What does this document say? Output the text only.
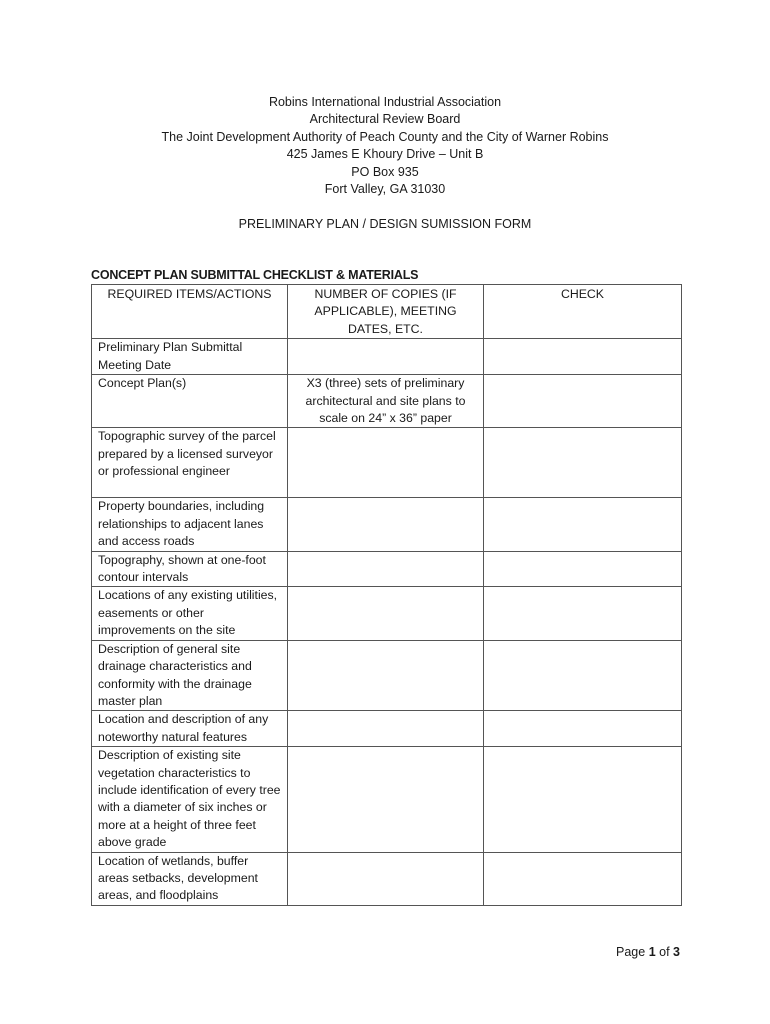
Robins International Industrial Association
Architectural Review Board
The Joint Development Authority of Peach County and the City of Warner Robins
425 James E Khoury Drive – Unit B
PO Box 935
Fort Valley, GA 31030
PRELIMINARY PLAN / DESIGN SUMISSION FORM
CONCEPT PLAN SUBMITTAL CHECKLIST & MATERIALS
REQUIRED ITEMS/ACTIONS	NUMBER OF COPIES (IF APPLICABLE), MEETING DATES, ETC.	CHECK
Preliminary Plan Submittal Meeting Date		
Concept Plan(s)	X3 (three) sets of preliminary architectural and site plans to scale on 24” x 36” paper	
Topographic survey of the parcel prepared by a licensed surveyor or professional engineer		
Property boundaries, including relationships to adjacent lanes and access roads		
Topography, shown at one-foot contour intervals		
Locations of any existing utilities, easements or other improvements on the site		
Description of general site drainage characteristics and conformity with the drainage master plan		
Location and description of any noteworthy natural features		
Description of existing site vegetation characteristics to include identification of every tree with a diameter of six inches or more at a height of three feet above grade		
Location of wetlands, buffer areas setbacks, development areas, and floodplains		
Page 1 of 3
